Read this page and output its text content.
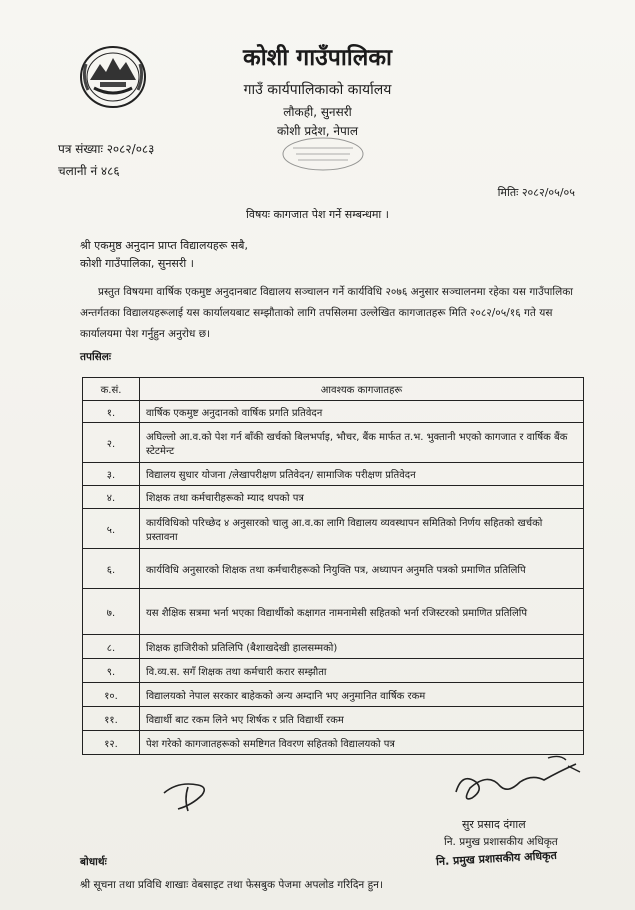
कोशी गाउँपालिका
गाउँ कार्यपालिकाको कार्यालय
लौकही, सुनसरी
कोशी प्रदेश, नेपाल
पत्र संख्याः २०८२/०८३
चलानी नं ४८६
मितिः २०८२/०५/०५
विषयः कागजात पेश गर्ने सम्बन्धमा ।
श्री एकमुष्ठ अनुदान प्राप्त विद्यालयहरू सबै,
कोशी गाउँपालिका, सुनसरी ।
प्रस्तुत विषयमा वार्षिक एकमुष्ट अनुदानबाट विद्यालय सञ्चालन गर्ने कार्यविधि २०७६ अनुसार सञ्चालनमा रहेका यस गाउँपालिका अन्तर्गतका विद्यालयहरूलाई यस कार्यालयबाट सम्झौताको लागि तपसिलमा उल्लेखित कागजातहरू मिति २०८२/०५/१६ गते यस कार्यालयमा पेश गर्नुहुन अनुरोध छ।
तपसिलः
क.सं.	आवश्यक कागजातहरू
१.	वार्षिक एकमुष्ट अनुदानको वार्षिक प्रगति प्रतिवेदन
२.	अघिल्लो आ.व.को पेश गर्न बाँकी खर्चको बिलभर्पाइ, भौचर, बैंक मार्फत त.भ. भुक्तानी भएको कागजात र वार्षिक बैंक स्टेटमेन्ट
३.	विद्यालय सुधार योजना /लेखापरीक्षण प्रतिवेदन/ सामाजिक परीक्षण प्रतिवेदन
४.	शिक्षक तथा कर्मचारीहरूको म्याद थपको पत्र
५.	कार्यविधिको परिच्छेद ४ अनुसारको चालु आ.व.का लागि विद्यालय व्यवस्थापन समितिको निर्णय सहितको खर्चको प्रस्तावना
६.	कार्यविधि अनुसारको शिक्षक तथा कर्मचारीहरूको नियुक्ति पत्र, अध्यापन अनुमति पत्रको प्रमाणित प्रतिलिपि
७.	यस शैक्षिक सत्रमा भर्ना भएका विद्यार्थीको कक्षागत नामनामेसी सहितको भर्ना रजिस्टरको प्रमाणित प्रतिलिपि
८.	शिक्षक हाजिरीको प्रतिलिपि (बैशाखदेखी हालसम्मको)
९.	वि.व्य.स. सगँ शिक्षक तथा कर्मचारी करार सम्झौता
१०.	विद्यालयको नेपाल सरकार बाहेकको अन्य अम्दानि भए अनुमानित वार्षिक रकम
११.	विद्यार्थी बाट रकम लिने भए शिर्षक र प्रति विद्यार्थी रकम
१२.	पेश गरेको कागजातहरूको समष्टिगत विवरण सहितको विद्यालयको पत्र
सुर प्रसाद दंगाल
नि. प्रमुख प्रशासकीय अधिकृत
नि. प्रमुख प्रशासकीय अधिकृत
बोधार्थः
श्री सूचना तथा प्रविधि शाखाः वेबसाइट तथा फेसबुक पेजमा अपलोड गरिदिन हुन।
